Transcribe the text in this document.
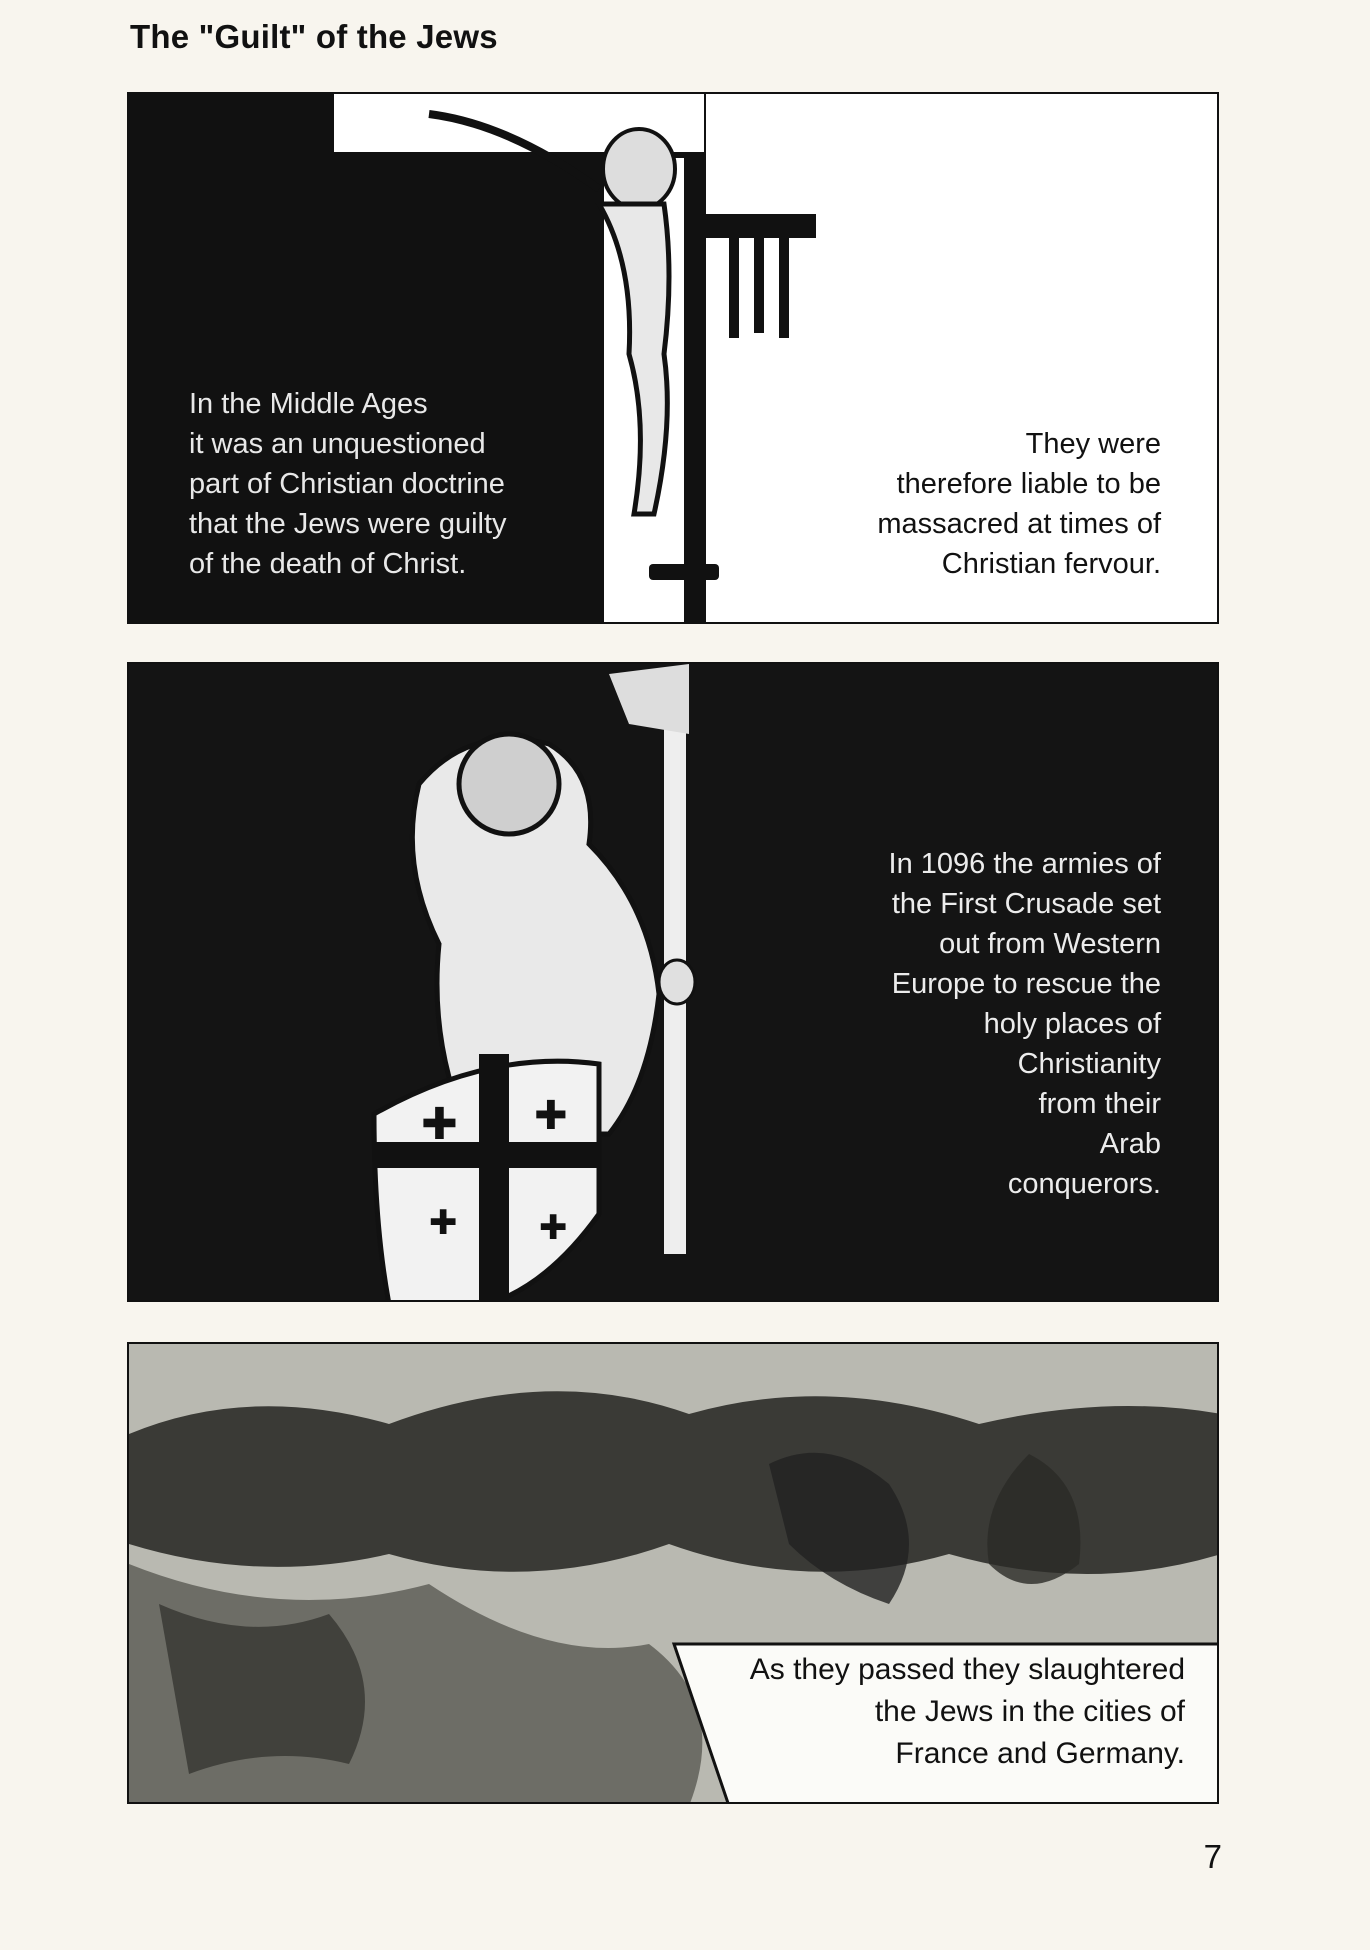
The "Guilt" of the Jews
In the Middle Ages
it was an unquestioned
part of Christian doctrine
that the Jews were guilty
of the death of Christ.
They were
therefore liable to be
massacred at times of
Christian fervour.
✚ ✚
✚ ✚
In 1096 the armies of
the First Crusade set
out from Western
Europe to rescue the
holy places of
Christianity
from their
Arab
conquerors.
As they passed they slaughtered
the Jews in the cities of
France and Germany.
7
